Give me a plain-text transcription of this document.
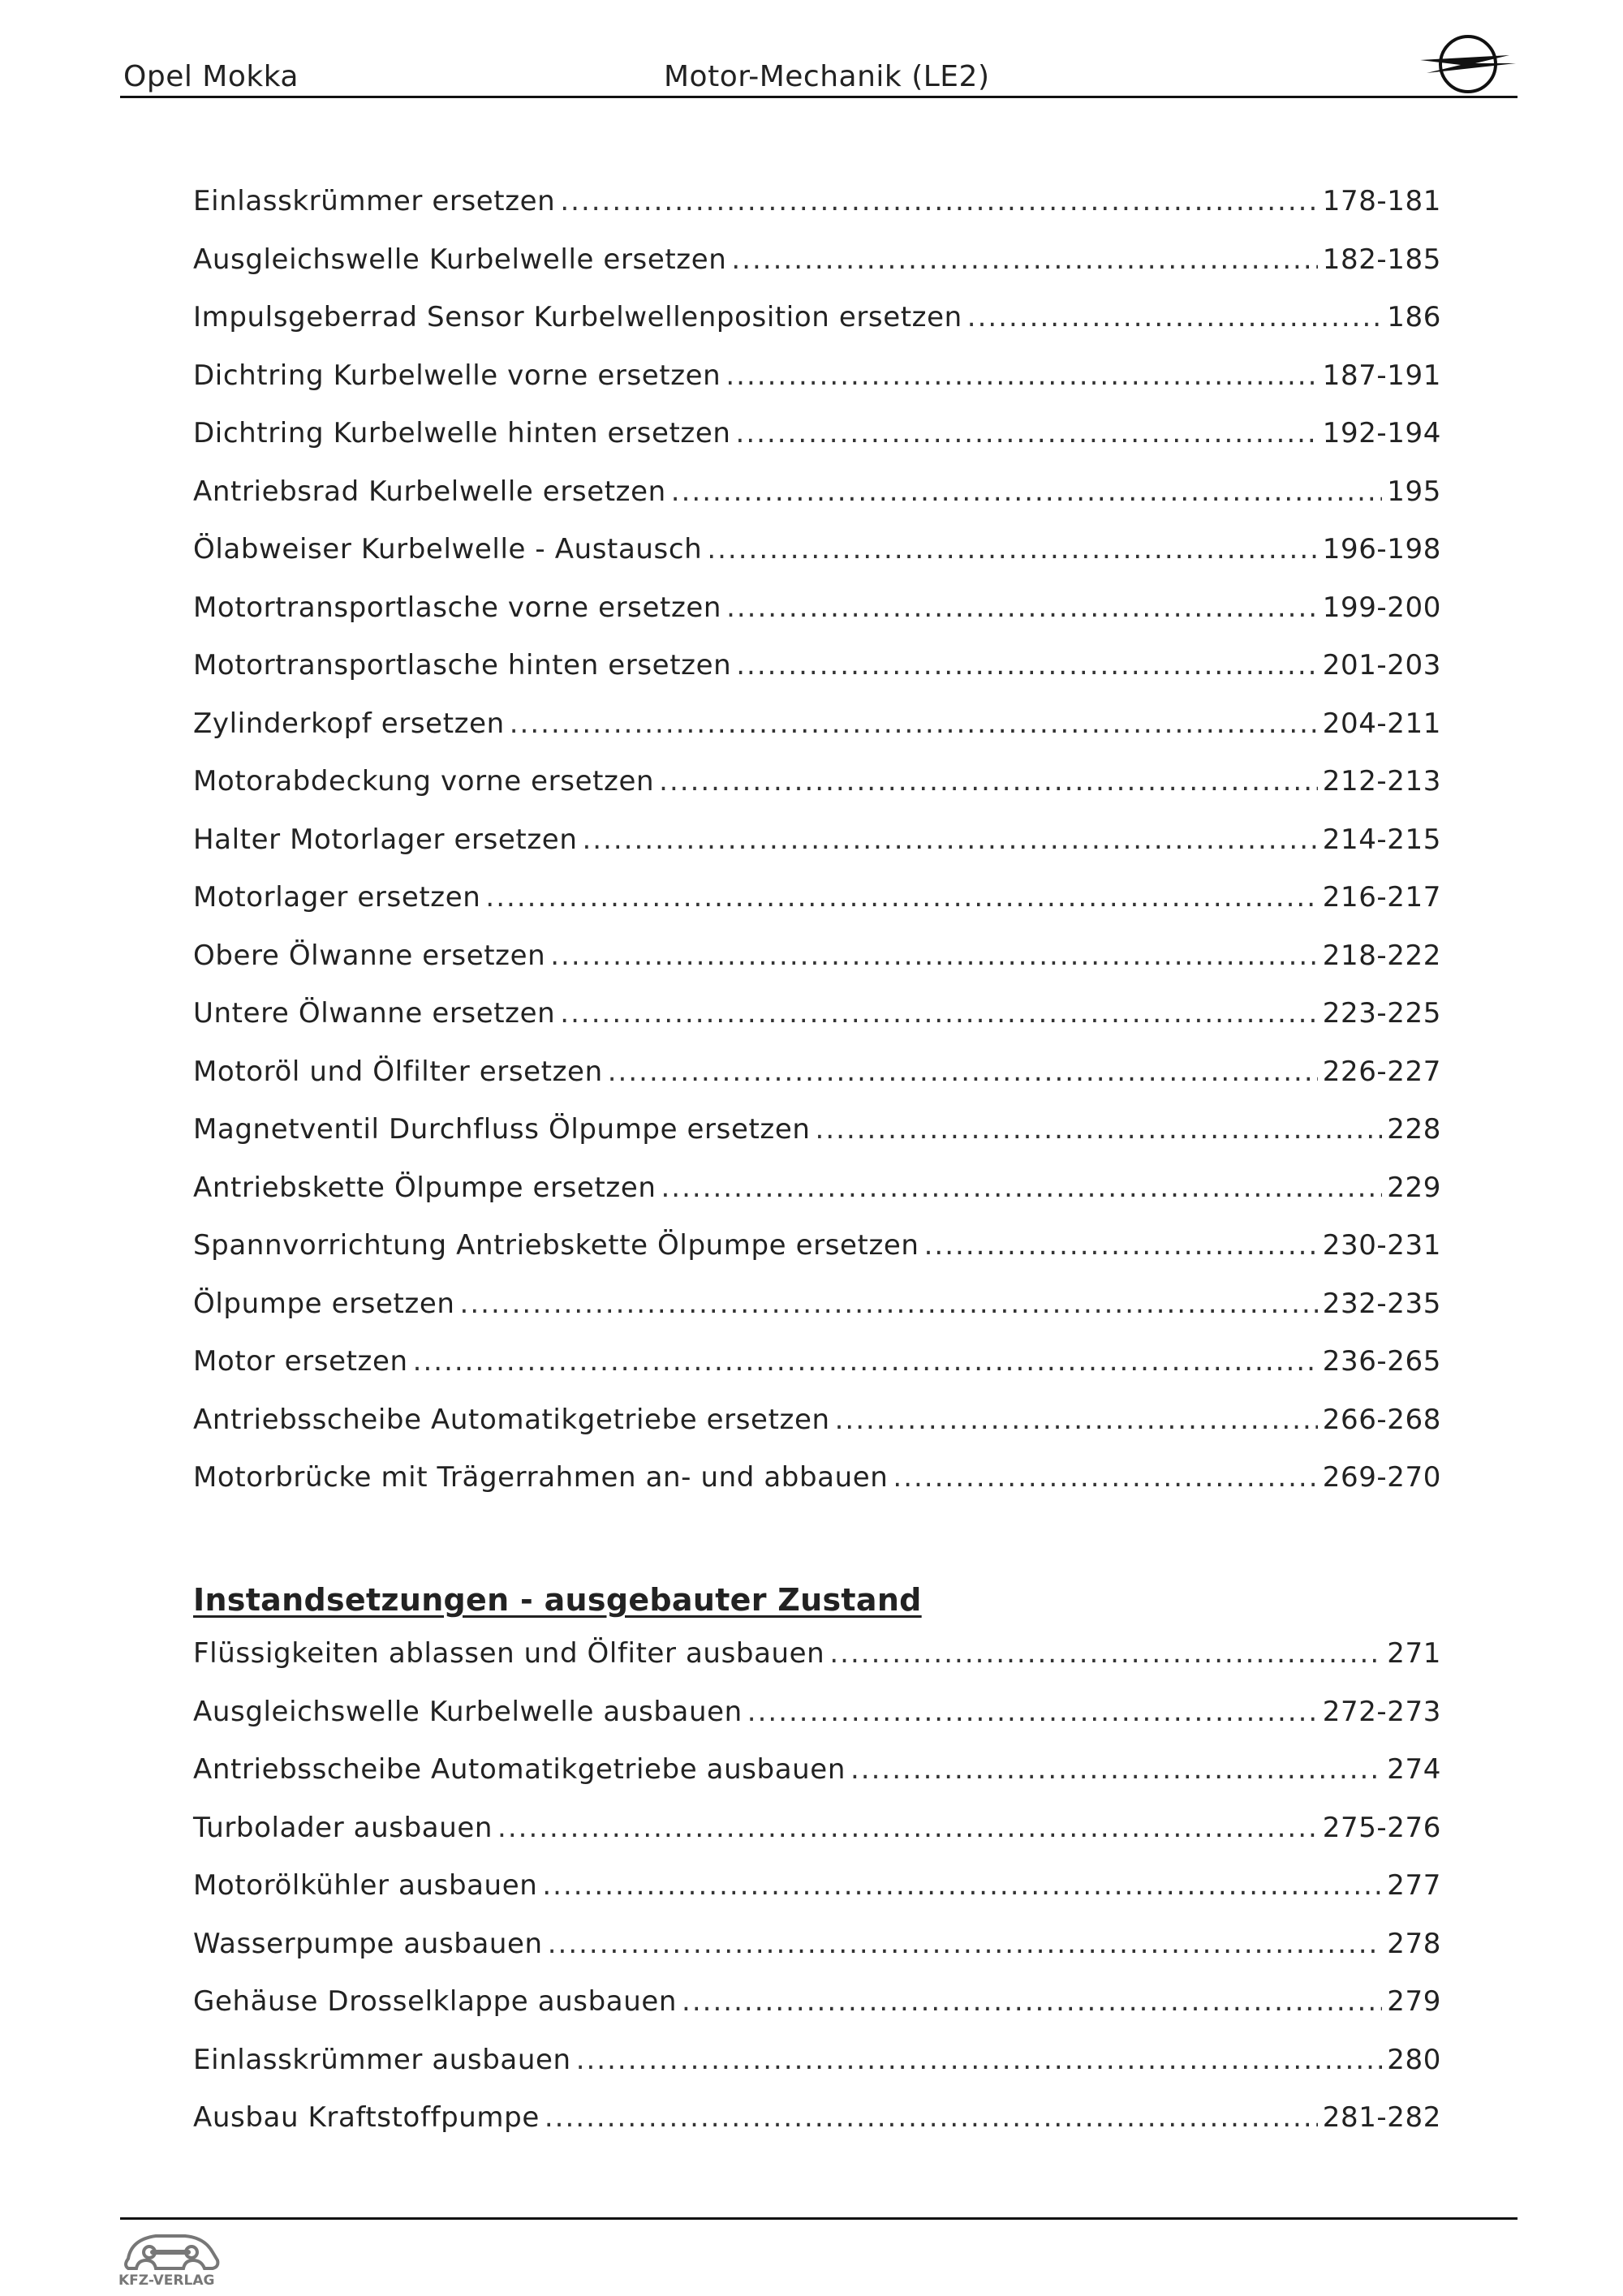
Opel Mokka	Motor-Mechanik (LE2)
Einlasskrümmer ersetzen .....	178-181
Ausgleichswelle Kurbelwelle ersetzen .....	182-185
Impulsgeberrad Sensor Kurbelwellenposition ersetzen .....	186
Dichtring Kurbelwelle vorne ersetzen .....	187-191
Dichtring Kurbelwelle hinten ersetzen .....	192-194
Antriebsrad Kurbelwelle ersetzen .....	195
Ölabweiser Kurbelwelle - Austausch .....	196-198
Motortransportlasche vorne ersetzen .....	199-200
Motortransportlasche hinten ersetzen .....	201-203
Zylinderkopf ersetzen .....	204-211
Motorabdeckung vorne ersetzen .....	212-213
Halter Motorlager ersetzen .....	214-215
Motorlager ersetzen .....	216-217
Obere Ölwanne ersetzen .....	218-222
Untere Ölwanne ersetzen .....	223-225
Motoröl und Ölfilter ersetzen .....	226-227
Magnetventil Durchfluss Ölpumpe ersetzen .....	228
Antriebskette Ölpumpe ersetzen .....	229
Spannvorrichtung Antriebskette Ölpumpe ersetzen .....	230-231
Ölpumpe ersetzen .....	232-235
Motor ersetzen .....	236-265
Antriebsscheibe Automatikgetriebe ersetzen .....	266-268
Motorbrücke mit Trägerrahmen an- und abbauen .....	269-270
Instandsetzungen - ausgebauter Zustand
Flüssigkeiten ablassen und Ölfiter ausbauen .....	271
Ausgleichswelle Kurbelwelle ausbauen .....	272-273
Antriebsscheibe Automatikgetriebe ausbauen .....	274
Turbolader ausbauen .....	275-276
Motorölkühler ausbauen .....	277
Wasserpumpe ausbauen .....	278
Gehäuse Drosselklappe ausbauen .....	279
Einlasskrümmer ausbauen .....	280
Ausbau Kraftstoffpumpe .....	281-282
KFZ-VERLAG
